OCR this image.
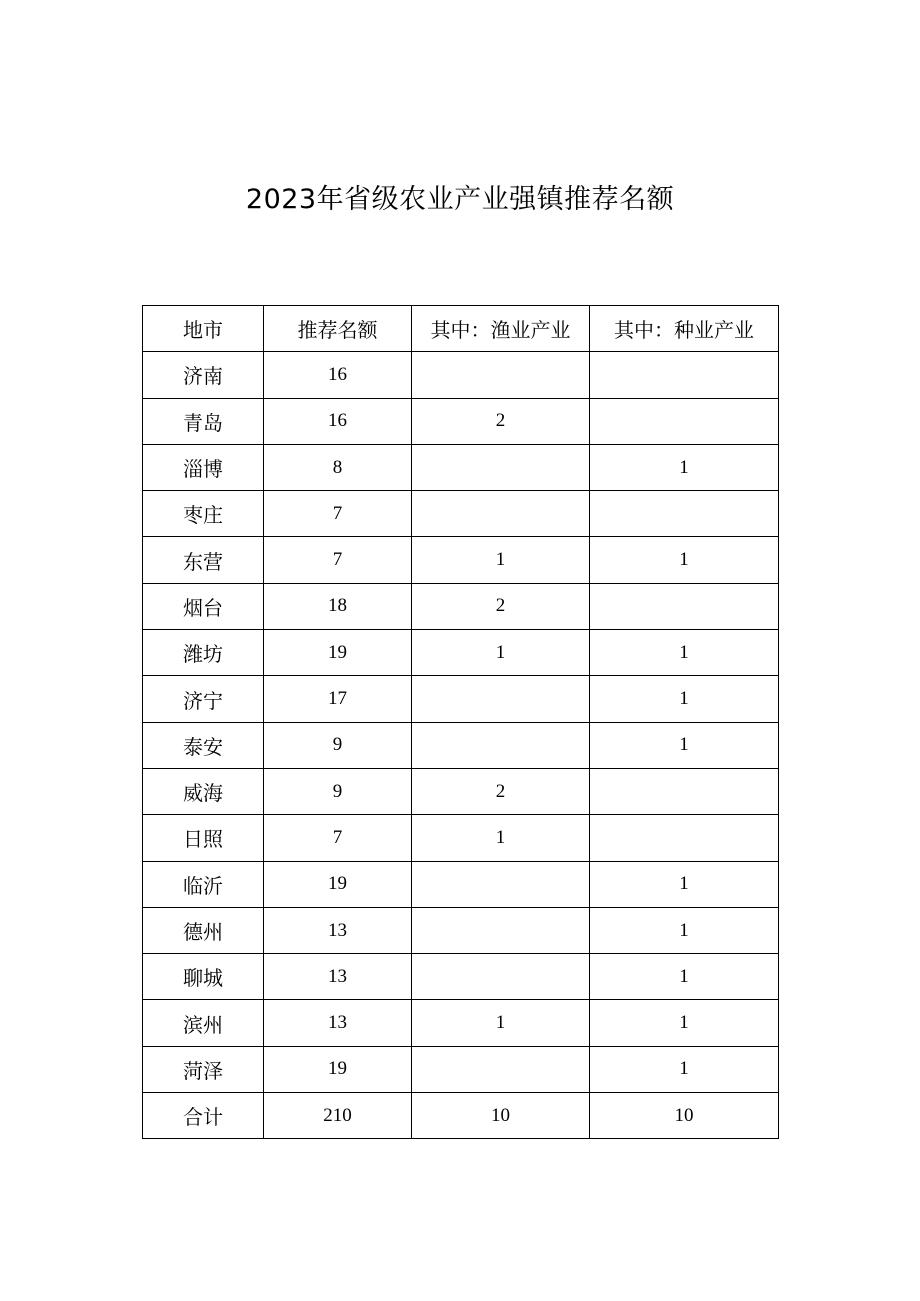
2023年省级农业产业强镇推荐名额
地市	推荐名额	其中：渔业产业	其中：种业产业
济南	16		
青岛	16	2	
淄博	8		1
枣庄	7		
东营	7	1	1
烟台	18	2	
潍坊	19	1	1
济宁	17		1
泰安	9		1
威海	9	2	
日照	7	1	
临沂	19		1
德州	13		1
聊城	13		1
滨州	13	1	1
菏泽	19		1
合计	210	10	10
